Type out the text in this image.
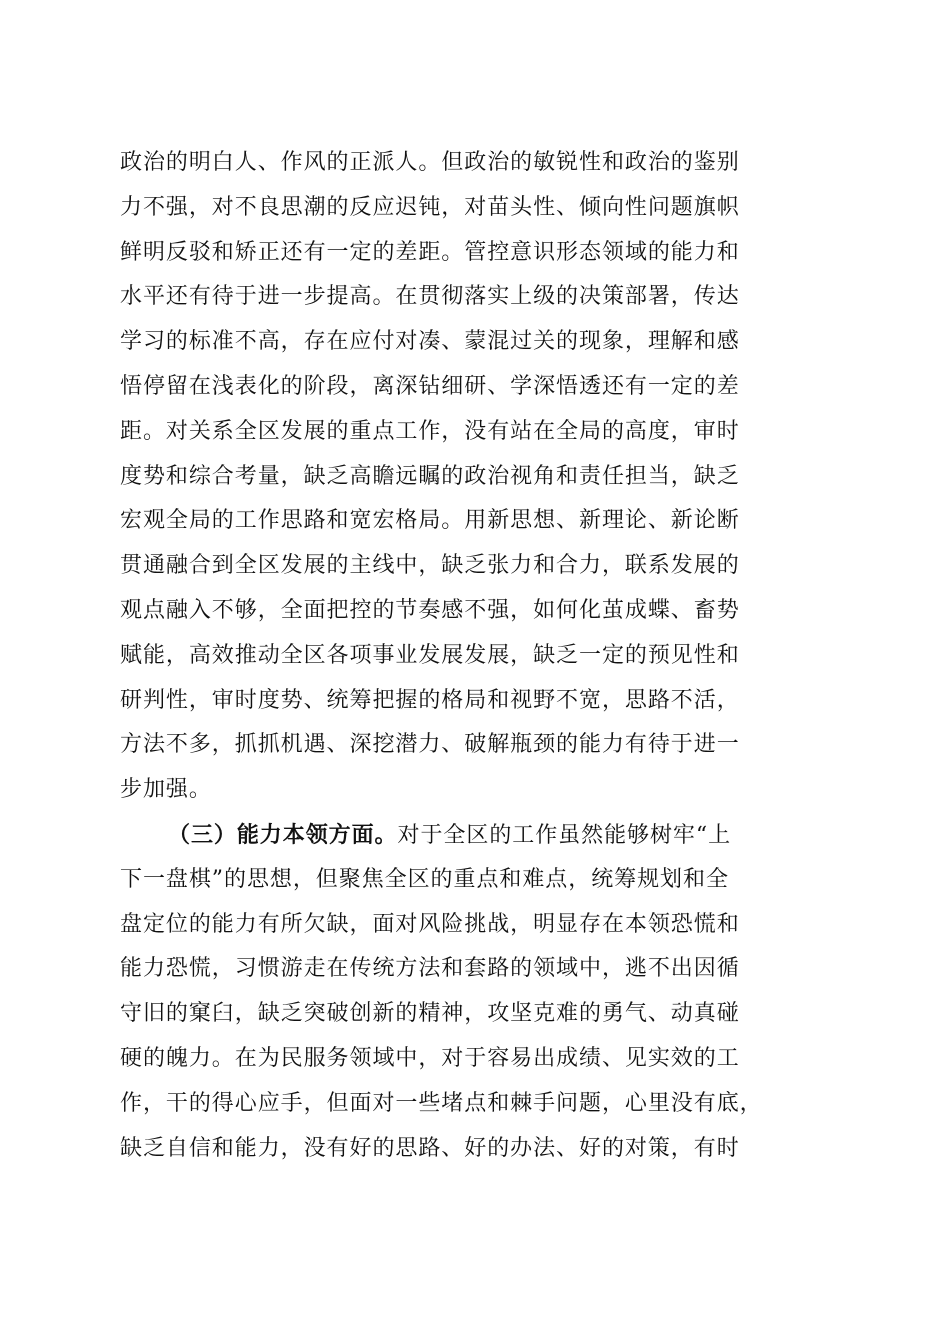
政治的明白人、作风的正派人。但政治的敏锐性和政治的鉴别
力不强，对不良思潮的反应迟钝，对苗头性、倾向性问题旗帜
鲜明反驳和矫正还有一定的差距。管控意识形态领域的能力和
水平还有待于进一步提高。在贯彻落实上级的决策部署，传达
学习的标准不高，存在应付对凑、蒙混过关的现象，理解和感
悟停留在浅表化的阶段，离深钻细研、学深悟透还有一定的差
距。对关系全区发展的重点工作，没有站在全局的高度，审时
度势和综合考量，缺乏高瞻远瞩的政治视角和责任担当，缺乏
宏观全局的工作思路和宽宏格局。用新思想、新理论、新论断
贯通融合到全区发展的主线中，缺乏张力和合力，联系发展的
观点融入不够，全面把控的节奏感不强，如何化茧成蝶、畜势
赋能，高效推动全区各项事业发展发展，缺乏一定的预见性和
研判性，审时度势、统筹把握的格局和视野不宽，思路不活，
方法不多，抓抓机遇、深挖潜力、破解瓶颈的能力有待于进一
步加强。
（三）能力本领方面。对于全区的工作虽然能够树牢“上
下一盘棋”的思想，但聚焦全区的重点和难点，统筹规划和全
盘定位的能力有所欠缺，面对风险挑战，明显存在本领恐慌和
能力恐慌，习惯游走在传统方法和套路的领域中，逃不出因循
守旧的窠臼，缺乏突破创新的精神，攻坚克难的勇气、动真碰
硬的魄力。在为民服务领域中，对于容易出成绩、见实效的工
作，干的得心应手，但面对一些堵点和棘手问题，心里没有底，
缺乏自信和能力，没有好的思路、好的办法、好的对策，有时
